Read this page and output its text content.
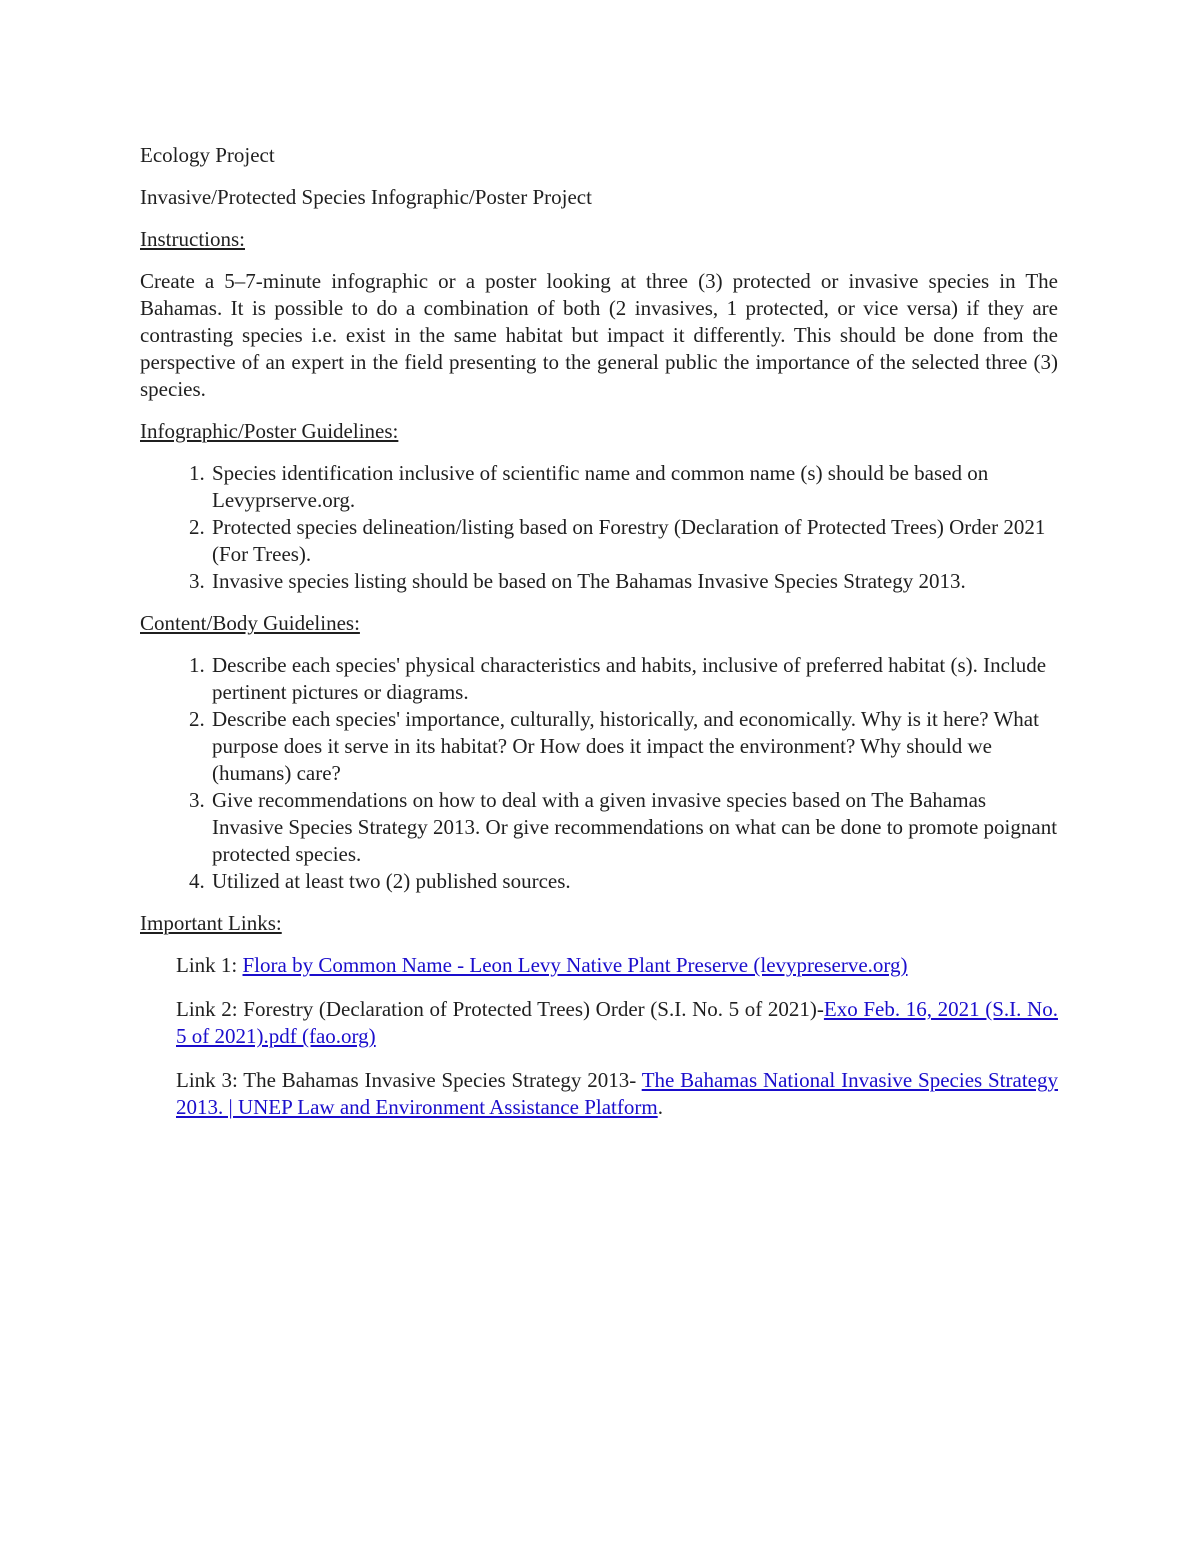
Ecology Project

Invasive/Protected Species Infographic/Poster Project

Instructions:

Create a 5–7-minute infographic or a poster looking at three (3) protected or invasive species in The Bahamas. It is possible to do a combination of both (2 invasives, 1 protected, or vice versa) if they are contrasting species i.e. exist in the same habitat but impact it differently. This should be done from the perspective of an expert in the field presenting to the general public the importance of the selected three (3) species.

Infographic/Poster Guidelines:

1. Species identification inclusive of scientific name and common name (s) should be based on Levyprserve.org.
2. Protected species delineation/listing based on Forestry (Declaration of Protected Trees) Order 2021 (For Trees).
3. Invasive species listing should be based on The Bahamas Invasive Species Strategy 2013.

Content/Body Guidelines:

1. Describe each species' physical characteristics and habits, inclusive of preferred habitat (s). Include pertinent pictures or diagrams.
2. Describe each species' importance, culturally, historically, and economically. Why is it here? What purpose does it serve in its habitat? Or How does it impact the environment? Why should we (humans) care?
3. Give recommendations on how to deal with a given invasive species based on The Bahamas Invasive Species Strategy 2013. Or give recommendations on what can be done to promote poignant protected species.
4. Utilized at least two (2) published sources.

Important Links:

Link 1: Flora by Common Name - Leon Levy Native Plant Preserve (levypreserve.org)

Link 2: Forestry (Declaration of Protected Trees) Order (S.I. No. 5 of 2021)-Exo Feb. 16, 2021 (S.I. No. 5 of 2021).pdf (fao.org)

Link 3: The Bahamas Invasive Species Strategy 2013- The Bahamas National Invasive Species Strategy 2013. | UNEP Law and Environment Assistance Platform.
